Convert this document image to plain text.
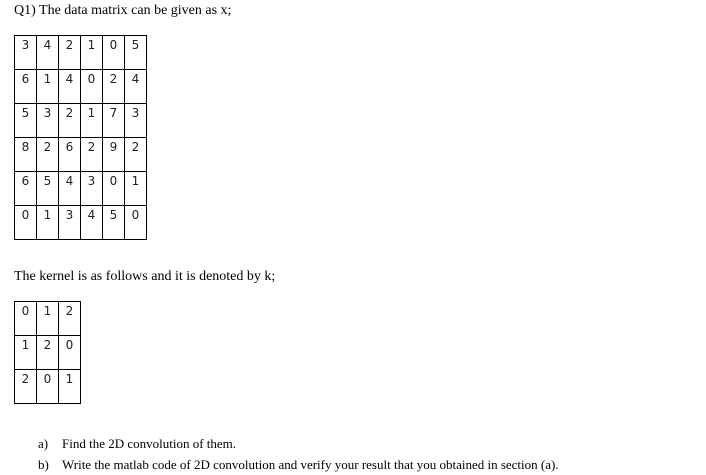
Q1) The data matrix can be given as x;
3	4	2	1	0	5

6	1	4	0	2	4

5	3	2	1	7	3

8	2	6	2	9	2

6	5	4	3	0	1

0	1	3	4	5	0
The kernel is as follows and it is denoted by k;
0	1	2

1	2	0

2	0	1
a) Find the 2D convolution of them.
b) Write the matlab code of 2D convolution and verify your result that you obtained in section (a).
